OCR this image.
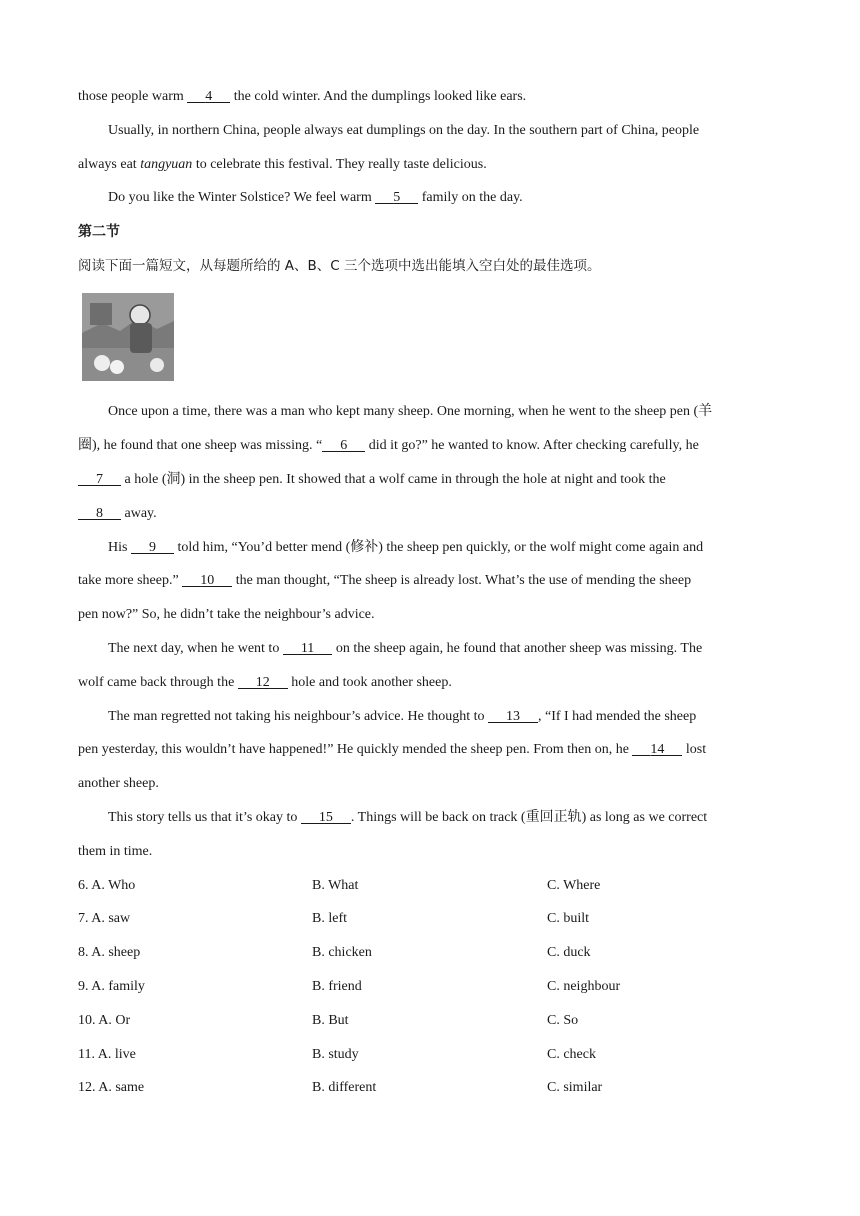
those people warm 4 the cold winter. And the dumplings looked like ears.
Usually, in northern China, people always eat dumplings on the day. In the southern part of China, people
always eat tangyuan to celebrate this festival. They really taste delicious.
Do you like the Winter Solstice? We feel warm 5 family on the day.
第二节
阅读下面一篇短文，从每题所给的 A、B、C 三个选项中选出能填入空白处的最佳选项。
Once upon a time, there was a man who kept many sheep. One morning, when he went to the sheep pen (羊
圈), he found that one sheep was missing. “ 6 did it go?” he wanted to know. After checking carefully, he
7 a hole (洞) in the sheep pen. It showed that a wolf came in through the hole at night and took the
8 away.
His 9 told him, “You’d better mend (修补) the sheep pen quickly, or the wolf might come again and
take more sheep.” 10 the man thought, “The sheep is already lost. What’s the use of mending the sheep
pen now?” So, he didn’t take the neighbour’s advice.
The next day, when he went to 11 on the sheep again, he found that another sheep was missing. The
wolf came back through the 12 hole and took another sheep.
The man regretted not taking his neighbour’s advice. He thought to 13 , “If I had mended the sheep
pen yesterday, this wouldn’t have happened!” He quickly mended the sheep pen. From then on, he 14 lost
another sheep.
This story tells us that it’s okay to 15 . Things will be back on track (重回正轨) as long as we correct
them in time.
6. A. Who	B. What	C. Where
7. A. saw	B. left	C. built
8. A. sheep	B. chicken	C. duck
9. A. family	B. friend	C. neighbour
10. A. Or	B. But	C. So
11. A. live	B. study	C. check
12. A. same	B. different	C. similar
